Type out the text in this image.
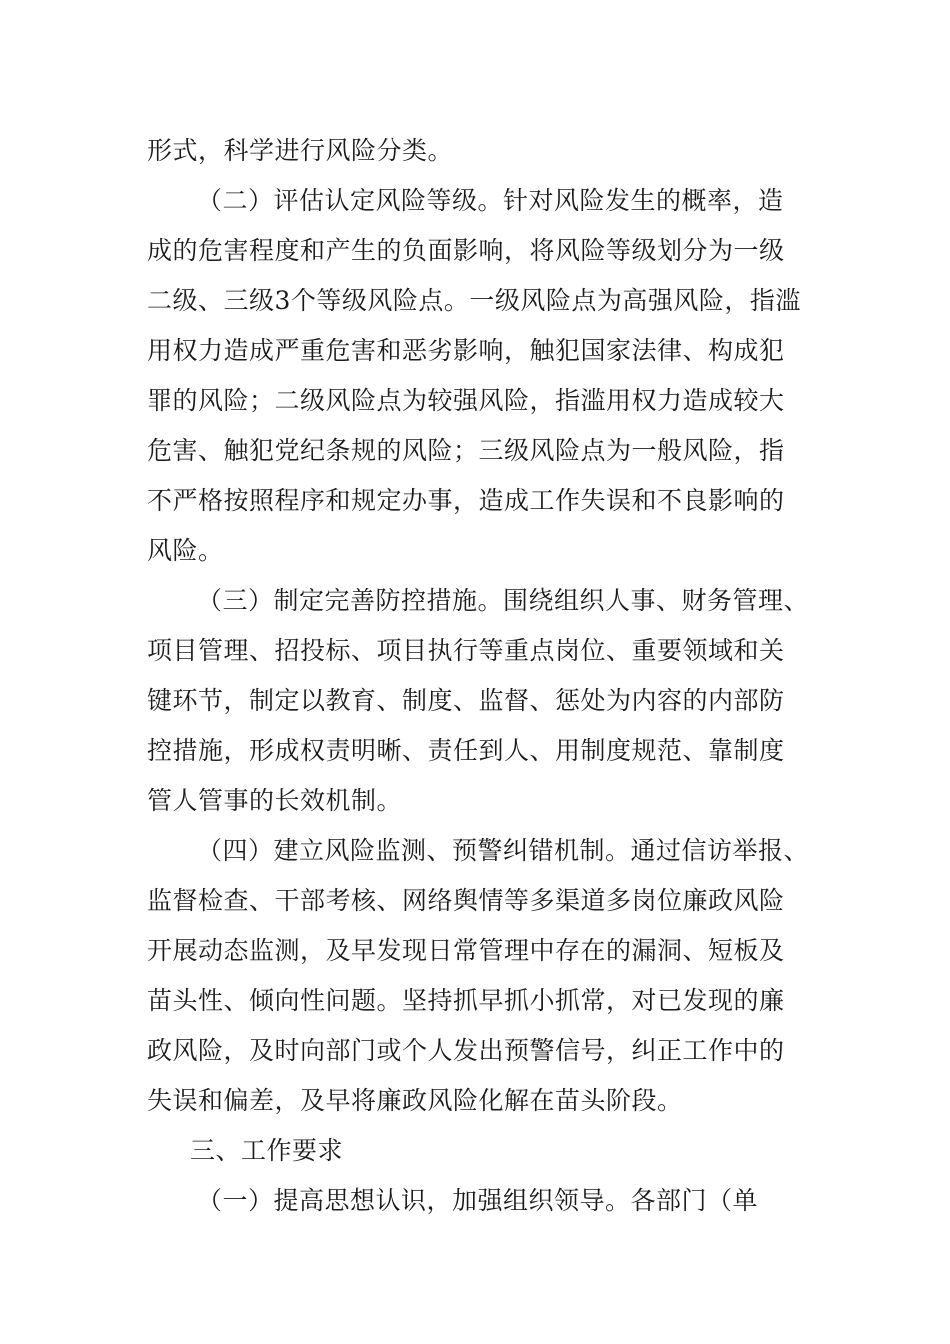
形式，科学进行风险分类。
（二）评估认定风险等级。针对风险发生的概率，造
成的危害程度和产生的负面影响，将风险等级划分为一级
二级、三级3个等级风险点。一级风险点为高强风险，指滥
用权力造成严重危害和恶劣影响，触犯国家法律、构成犯
罪的风险；二级风险点为较强风险，指滥用权力造成较大
危害、触犯党纪条规的风险；三级风险点为一般风险，指
不严格按照程序和规定办事，造成工作失误和不良影响的
风险。
（三）制定完善防控措施。围绕组织人事、财务管理、
项目管理、招投标、项目执行等重点岗位、重要领域和关
键环节，制定以教育、制度、监督、惩处为内容的内部防
控措施，形成权责明晰、责任到人、用制度规范、靠制度
管人管事的长效机制。
（四）建立风险监测、预警纠错机制。通过信访举报、
监督检查、干部考核、网络舆情等多渠道多岗位廉政风险
开展动态监测，及早发现日常管理中存在的漏洞、短板及
苗头性、倾向性问题。坚持抓早抓小抓常，对已发现的廉
政风险，及时向部门或个人发出预警信号，纠正工作中的
失误和偏差，及早将廉政风险化解在苗头阶段。
三、工作要求
（一）提高思想认识，加强组织领导。各部门（单
